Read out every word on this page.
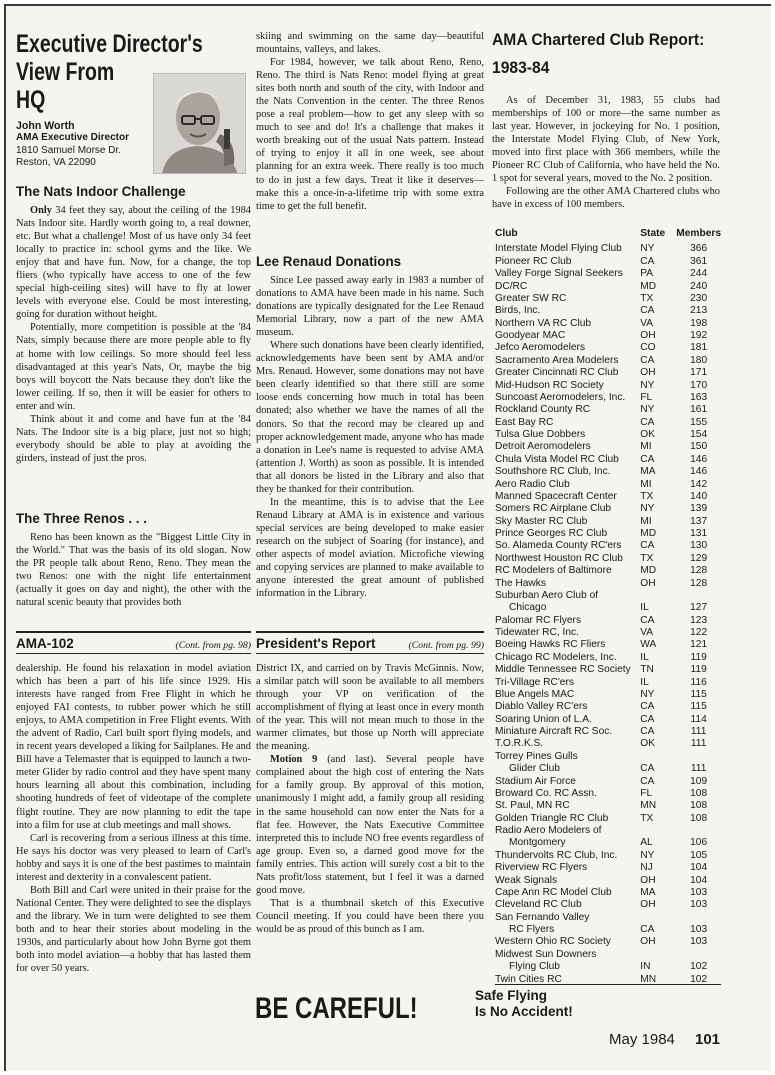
Executive Director's
View From
HQ
John Worth
AMA Executive Director
1810 Samuel Morse Dr.
Reston, VA 22090
The Nats Indoor Challenge

Only 34 feet they say, about the ceiling of the 1984 Nats Indoor site. Hardly worth going to, a real downer, etc. But what a challenge! Most of us have only 34 feet locally to practice in: school gyms and the like. We enjoy that and have fun. Now, for a change, the top fliers (who typically have access to one of the few special high-ceiling sites) will have to fly at lower levels with everyone else. Could be most interesting, going for duration without height.

Potentially, more competition is possible at the '84 Nats, simply because there are more people able to fly at home with low ceilings. So more should feel less disadvantaged at this year's Nats, Or, maybe the big boys will boycott the Nats because they don't like the lower ceiling. If so, then it will be easier for others to enter and win.

Think about it and come and have fun at the '84 Nats. The Indoor site is a big place, just not so high; everybody should be able to play at avoiding the girders, instead of just the pros.

The Three Renos . . .

Reno has been known as the "Biggest Little City in the World." That was the basis of its old slogan. Now the PR people talk about Reno, Reno. They mean the two Renos: one with the night life entertainment (actually it goes on day and night), the other with the natural scenic beauty that provides both

skiing and swimming on the same day—beautiful mountains, valleys, and lakes.

For 1984, however, we talk about Reno, Reno, Reno. The third is Nats Reno: model flying at great sites both north and south of the city, with Indoor and the Nats Convention in the center. The three Renos pose a real problem—how to get any sleep with so much to see and do! It's a challenge that makes it worth breaking out of the usual Nats pattern. Instead of trying to enjoy it all in one week, see about planning for an extra week. There really is too much to do in just a few days. Treat it like it deserves—make this a once-in-a-lifetime trip with some extra time to get the full benefit.

Lee Renaud Donations

Since Lee passed away early in 1983 a number of donations to AMA have been made in his name. Such donations are typically designated for the Lee Renaud Memorial Library, now a part of the new AMA museum.

Where such donations have been clearly identified, acknowledgements have been sent by AMA and/or Mrs. Renaud. However, some donations may not have been clearly identified so that there still are some loose ends concerning how much in total has been donated; also whether we have the names of all the donors. So that the record may be cleared up and proper acknowledgement made, anyone who has made a donation in Lee's name is requested to advise AMA (attention J. Worth) as soon as possible. It is intended that all donors be listed in the Library and also that they be thanked for their contribution.

In the meantime, this is to advise that the Lee Renaud Library at AMA is in existence and various special services are being developed to make easier research on the subject of Soaring (for instance), and other aspects of model aviation. Microfiche viewing and copying services are planned to make available to anyone interested the great amount of published information in the Library.

AMA-102	(Cont. from pg. 98)

dealership. He found his relaxation in model aviation which has been a part of his life since 1929. His interests have ranged from Free Flight in which he enjoyed FAI contests, to rubber power which he still enjoys, to AMA competition in Free Flight events. With the advent of Radio, Carl built sport flying models, and in recent years developed a liking for Sailplanes. He and Bill have a Telemaster that is equipped to launch a two-meter Glider by radio control and they have spent many hours learning all about this combination, including shooting hundreds of feet of videotape of the complete flight routine. They are now planning to edit the tape into a film for use at club meetings and mall shows.

Carl is recovering from a serious illness at this time. He says his doctor was very pleased to learn of Carl's hobby and says it is one of the best pastimes to maintain interest and dexterity in a convalescent patient.

Both Bill and Carl were united in their praise for the National Center. They were delighted to see the displays and the library. We in turn were delighted to see them both and to hear their stories about modeling in the 1930s, and particularly about how John Byrne got them both into model aviation—a hobby that has lasted them for over 50 years.

President's Report	(Cont. from pg. 99)

District IX, and carried on by Travis McGinnis. Now, a similar patch will soon be available to all members through your VP on verification of the accomplishment of flying at least once in every month of the year. This will not mean much to those in the warmer climates, but those up North will appreciate the meaning.

Motion 9 (and last). Several people have complained about the high cost of entering the Nats for a family group. By approval of this motion, unanimously I might add, a family group all residing in the same household can now enter the Nats for a flat fee. However, the Nats Executive Committee interpreted this to include NO free events regardless of age group. Even so, a darned good move for the family entries. This action will surely cost a bit to the Nats profit/loss statement, but I feel it was a darned good move.

That is a thumbnail sketch of this Executive Council meeting. If you could have been there you would be as proud of this bunch as I am.

AMA Chartered Club Report:
1983-84

As of December 31, 1983, 55 clubs had memberships of 100 or more—the same number as last year. However, in jockeying for No. 1 position, the Interstate Model Flying Club, of New York, moved into first place with 366 members, while the Pioneer RC Club of California, who have held the No. 1 spot for several years, moved to the No. 2 position.

Following are the other AMA Chartered clubs who have in excess of 100 members.

Club	State	Members
Interstate Model Flying Club	NY	366
Pioneer RC Club	CA	361
Valley Forge Signal Seekers	PA	244
DC/RC	MD	240
Greater SW RC	TX	230
Birds, Inc.	CA	213
Northern VA RC Club	VA	198
Goodyear MAC	OH	192
Jefco Aeromodelers	CO	181
Sacramento Area Modelers	CA	180
Greater Cincinnati RC Club	OH	171
Mid-Hudson RC Society	NY	170
Suncoast Aeromodelers, Inc.	FL	163
Rockland County RC	NY	161
East Bay RC	CA	155
Tulsa Glue Dobbers	OK	154
Detroit Aeromodelers	MI	150
Chula Vista Model RC Club	CA	146
Southshore RC Club, Inc.	MA	146
Aero Radio Club	MI	142
Manned Spacecraft Center	TX	140
Somers RC Airplane Club	NY	139
Sky Master RC Club	MI	137
Prince Georges RC Club	MD	131
So. Alameda County RC'ers	CA	130
Northwest Houston RC Club	TX	129
RC Modelers of Baltimore	MD	128
The Hawks	OH	128
Suburban Aero Club of		
Chicago	IL	127
Palomar RC Flyers	CA	123
Tidewater RC, Inc.	VA	122
Boeing Hawks RC Fliers	WA	121
Chicago RC Modelers, Inc.	IL	119
Middle Tennessee RC Society	TN	119
Tri-Village RC'ers	IL	116
Blue Angels MAC	NY	115
Diablo Valley RC'ers	CA	115
Soaring Union of L.A.	CA	114
Miniature Aircraft RC Soc.	CA	111
T.O.R.K.S.	OK	111
Torrey Pines Gulls		
Glider Club	CA	111
Stadium Air Force	CA	109
Broward Co. RC Assn.	FL	108
St. Paul, MN RC	MN	108
Golden Triangle RC Club	TX	108
Radio Aero Modelers of		
Montgomery	AL	106
Thundervolts RC Club, Inc.	NY	105
Riverview RC Flyers	NJ	104
Weak Signals	OH	104
Cape Ann RC Model Club	MA	103
Cleveland RC Club	OH	103
San Fernando Valley		
RC Flyers	CA	103
Western Ohio RC Society	OH	103
Midwest Sun Downers		
Flying Club	IN	102
Twin Cities RC	MN	102
BE CAREFUL!	Safe Flying
Is No Accident!
May 1984 101
